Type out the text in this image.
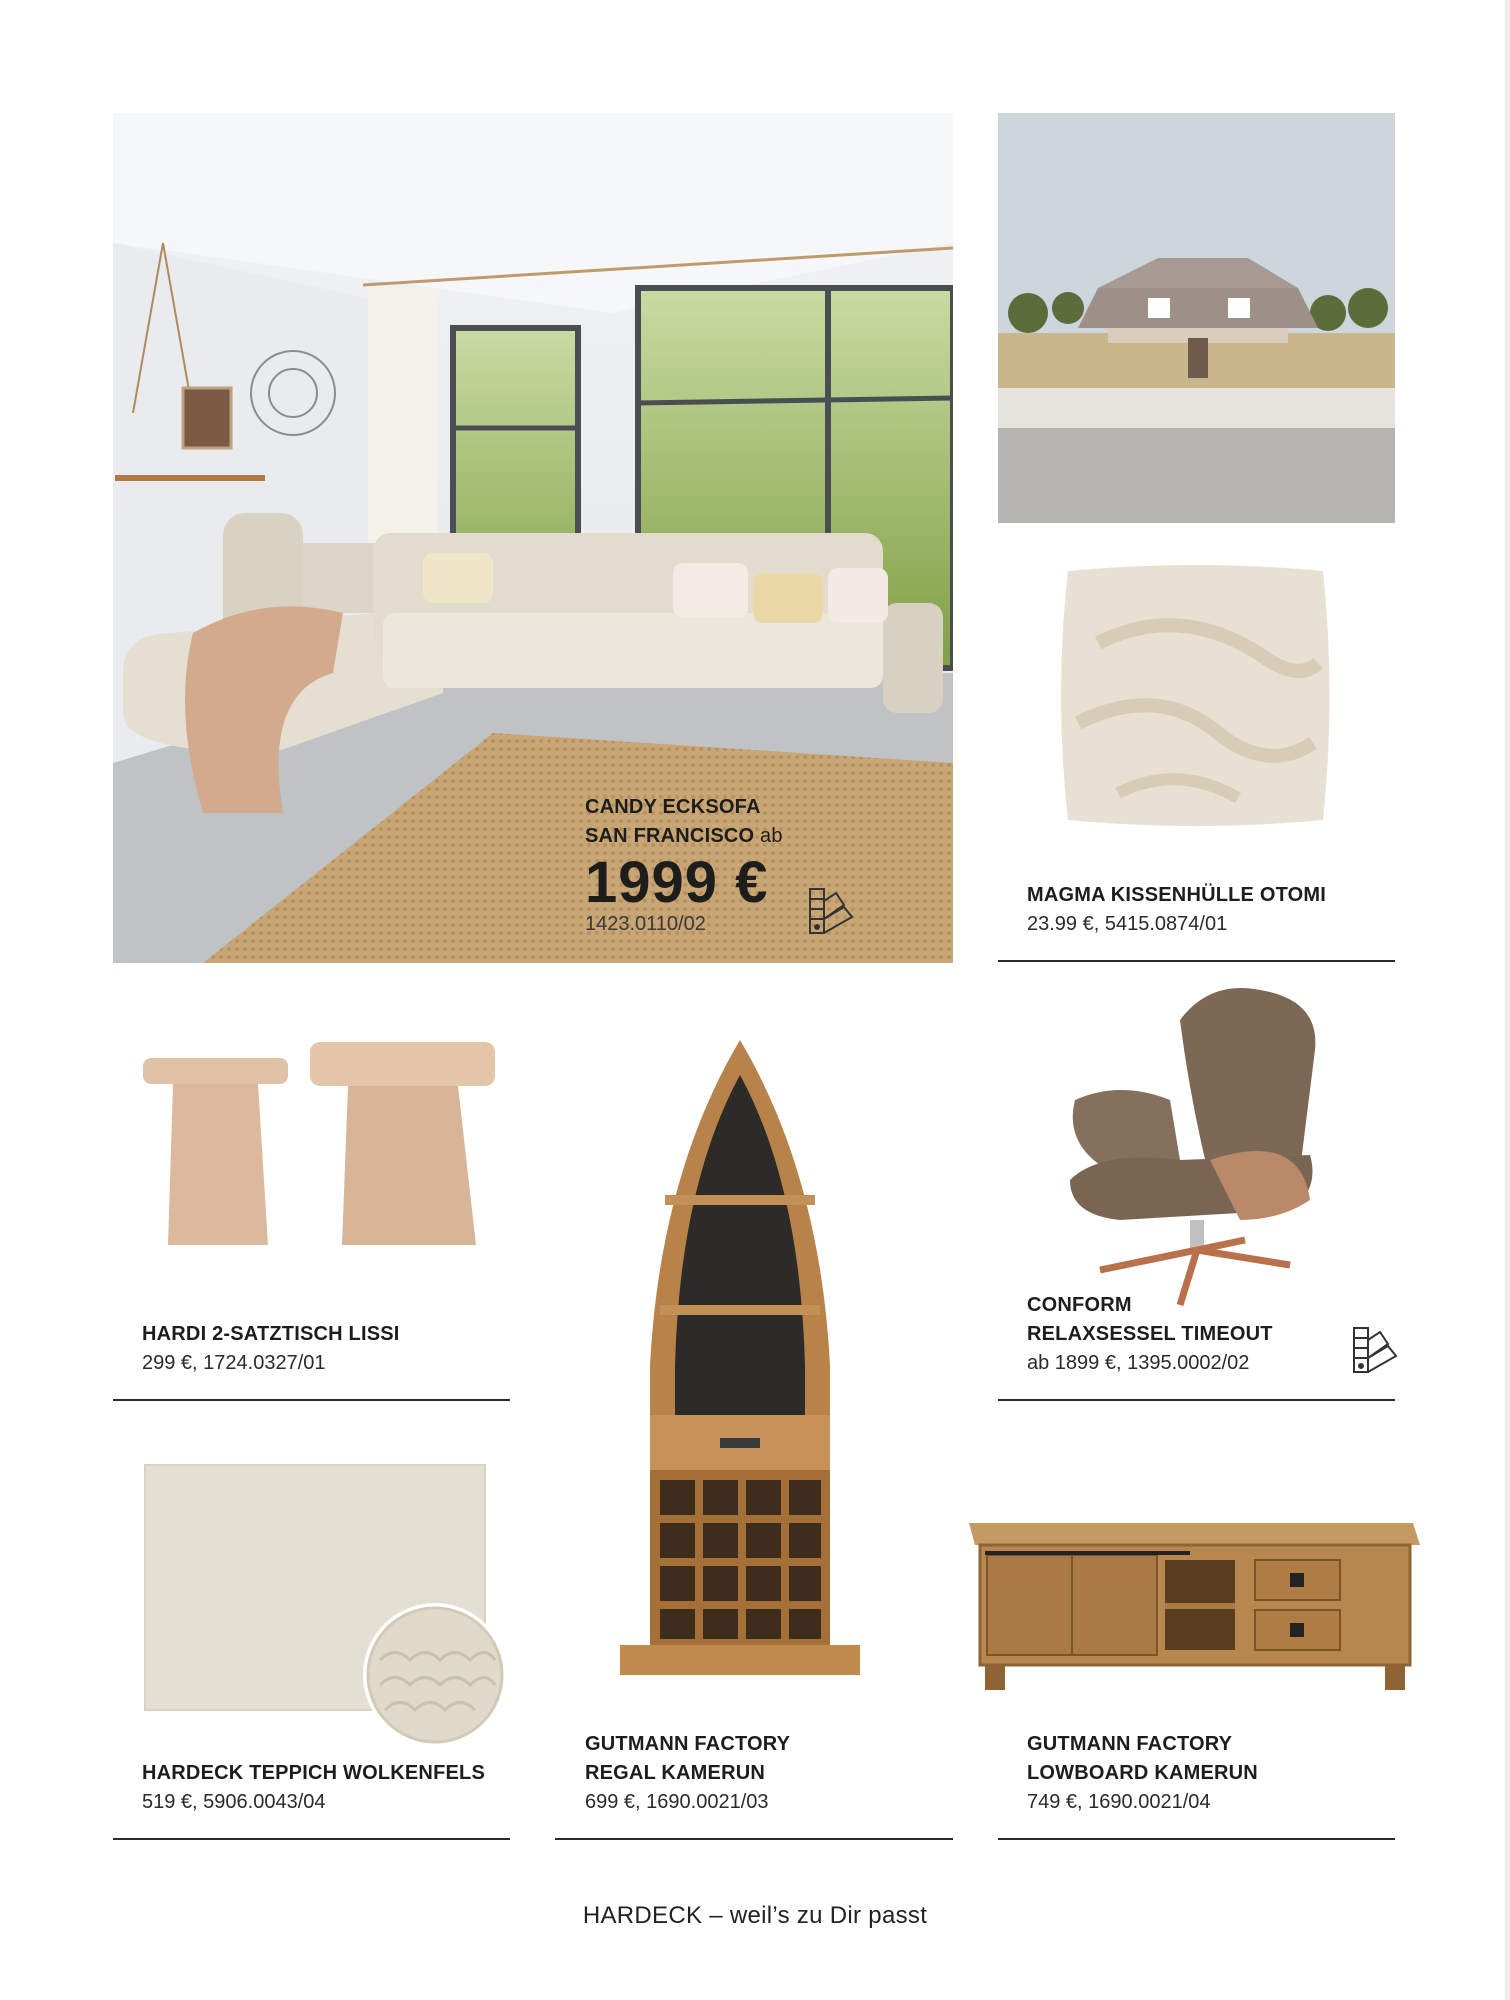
CANDY ECKSOFA
SAN FRANCISCO ab
1999 €
1423.0110/02
MAGMA KISSENHÜLLE OTOMI
23.99 €, 5415.0874/01
HARDI 2-SATZTISCH LISSI
299 €, 1724.0327/01
GUTMANN FACTORY
REGAL KAMERUN
699 €, 1690.0021/03
CONFORM
RELAXSESSEL TIMEOUT
ab 1899 €, 1395.0002/02
HARDECK TEPPICH WOLKENFELS
519 €, 5906.0043/04
GUTMANN FACTORY
LOWBOARD KAMERUN
749 €, 1690.0021/04
HARDECK – weil’s zu Dir passt
